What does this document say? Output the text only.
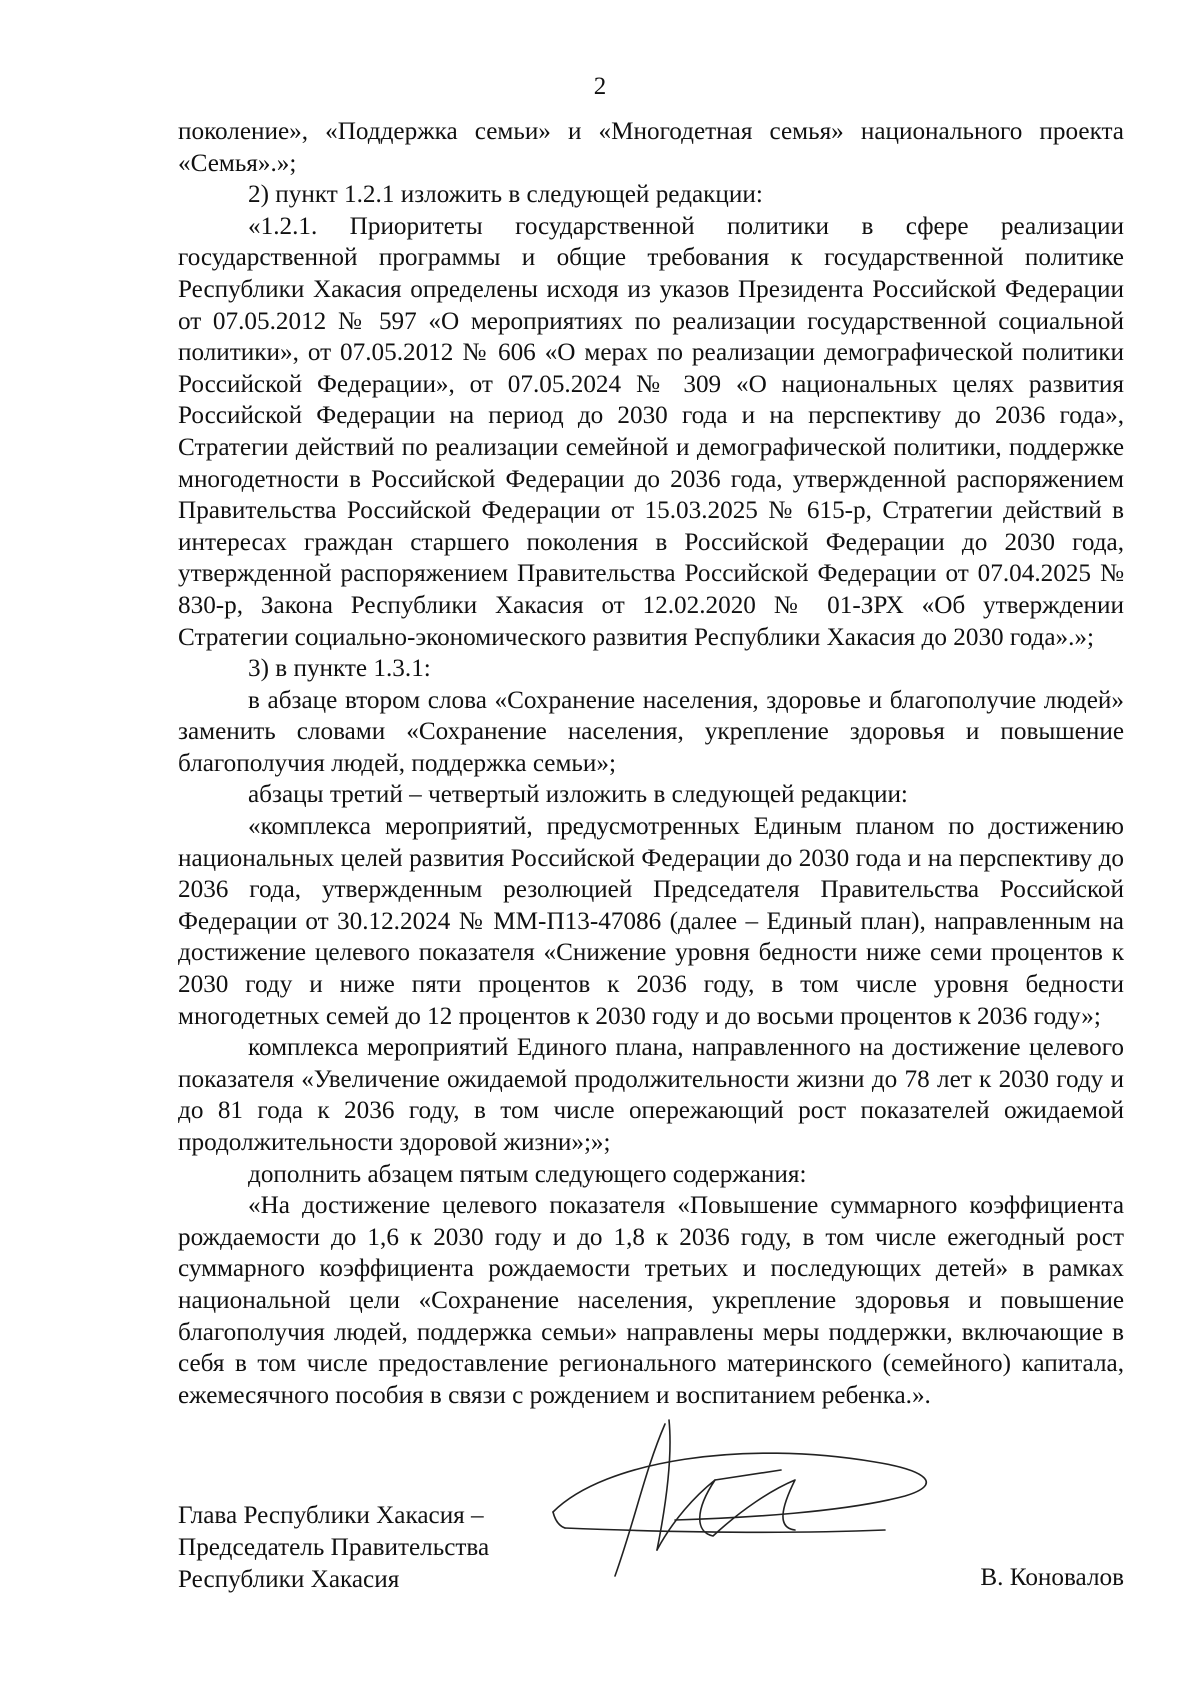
2

поколение», «Поддержка семьи» и «Многодетная семья» национального проекта «Семья».»;

2) пункт 1.2.1 изложить в следующей редакции:

«1.2.1. Приоритеты государственной политики в сфере реализации государственной программы и общие требования к государственной политике Республики Хакасия определены исходя из указов Президента Российской Федерации от 07.05.2012 № 597 «О мероприятиях по реализации государственной социальной политики», от 07.05.2012 № 606 «О мерах по реализации демографической политики Российской Федерации», от 07.05.2024 № 309 «О национальных целях развития Российской Федерации на период до 2030 года и на перспективу до 2036 года», Стратегии действий по реализации семейной и демографической политики, поддержке многодетности в Российской Федерации до 2036 года, утвержденной распоряжением Правительства Российской Федерации от 15.03.2025 № 615-р, Стратегии действий в интересах граждан старшего поколения в Российской Федерации до 2030 года, утвержденной распоряжением Правительства Российской Федерации от 07.04.2025 № 830-р, Закона Республики Хакасия от 12.02.2020 № 01-ЗРХ «Об утверждении Стратегии социально-экономического развития Республики Хакасия до 2030 года».»;

3) в пункте 1.3.1:

в абзаце втором слова «Сохранение населения, здоровье и благополучие людей» заменить словами «Сохранение населения, укрепление здоровья и повышение благополучия людей, поддержка семьи»;

абзацы третий – четвертый изложить в следующей редакции:

«комплекса мероприятий, предусмотренных Единым планом по достижению национальных целей развития Российской Федерации до 2030 года и на перспективу до 2036 года, утвержденным резолюцией Председателя Правительства Российской Федерации от 30.12.2024 № ММ-П13-47086 (далее – Единый план), направленным на достижение целевого показателя «Снижение уровня бедности ниже семи процентов к 2030 году и ниже пяти процентов к 2036 году, в том числе уровня бедности многодетных семей до 12 процентов к 2030 году и до восьми процентов к 2036 году»;

комплекса мероприятий Единого плана, направленного на достижение целевого показателя «Увеличение ожидаемой продолжительности жизни до 78 лет к 2030 году и до 81 года к 2036 году, в том числе опережающий рост показателей ожидаемой продолжительности здоровой жизни»;»;

дополнить абзацем пятым следующего содержания:

«На достижение целевого показателя «Повышение суммарного коэффициента рождаемости до 1,6 к 2030 году и до 1,8 к 2036 году, в том числе ежегодный рост суммарного коэффициента рождаемости третьих и последующих детей» в рамках национальной цели «Сохранение населения, укрепление здоровья и повышение благополучия людей, поддержка семьи» направлены меры поддержки, включающие в себя в том числе предоставление регионального материнского (семейного) капитала, ежемесячного пособия в связи с рождением и воспитанием ребенка.».

Глава Республики Хакасия –
Председатель Правительства
Республики Хакасия	В. Коновалов
